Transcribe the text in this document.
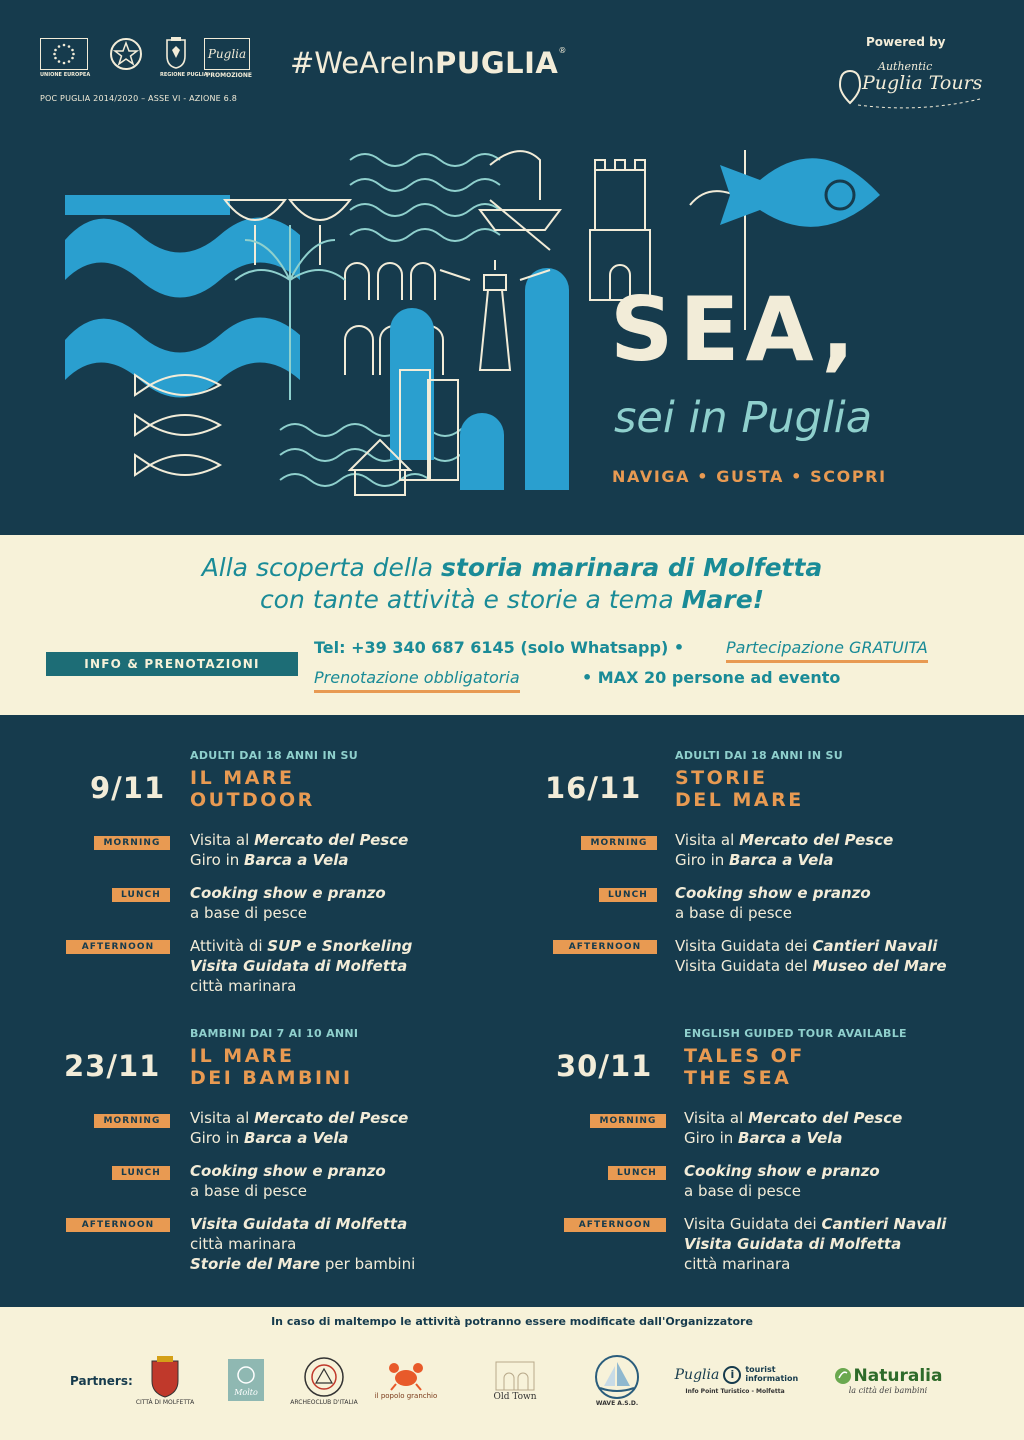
UNIONE EUROPEA	REGIONE PUGLIA
Puglia
PROMOZIONE
POC PUGLIA 2014/2020 – ASSE VI - AZIONE 6.8
#WeAreInPUGLIA®
Powered by
Authentic
Puglia Tours
SEA,
sei in Puglia
NAVIGA • GUSTA • SCOPRI
Alla scoperta della storia marinara di Molfetta
con tante attività e storie a tema Mare!
INFO & PRENOTAZIONI
Tel: +39 340 687 6145 (solo Whatsapp) •	Partecipazione GRATUITA
Prenotazione obbligatoria	• MAX 20 persone ad evento
ADULTI DAI 18 ANNI IN SU
9/11 IL MARE
OUTDOOR
MORNING	Visita al Mercato del Pesce
Giro in Barca a Vela
LUNCH	Cooking show e pranzo
a base di pesce
AFTERNOON	Attività di SUP e Snorkeling
Visita Guidata di Molfetta
città marinara
ADULTI DAI 18 ANNI IN SU
16/11 STORIE
DEL MARE
MORNING	Visita al Mercato del Pesce
Giro in Barca a Vela
LUNCH	Cooking show e pranzo
a base di pesce
AFTERNOON	Visita Guidata dei Cantieri Navali
Visita Guidata del Museo del Mare
BAMBINI DAI 7 AI 10 ANNI
23/11 IL MARE
DEI BAMBINI
MORNING	Visita al Mercato del Pesce
Giro in Barca a Vela
LUNCH	Cooking show e pranzo
a base di pesce
AFTERNOON	Visita Guidata di Molfetta
città marinara
Storie del Mare per bambini
ENGLISH GUIDED TOUR AVAILABLE
30/11 TALES OF
THE SEA
MORNING	Visita al Mercato del Pesce
Giro in Barca a Vela
LUNCH	Cooking show e pranzo
a base di pesce
AFTERNOON	Visita Guidata dei Cantieri Navali
Visita Guidata di Molfetta
città marinara
In caso di maltempo le attività potranno essere modificate dall'Organizzatore
Partners:
CITTÀ DI MOLFETTA
Molto
ARCHEOCLUB D'ITALIA
il popolo granchio	Old Town
WAVE A.S.D.
Puglia	i	tourist information
Info Point Turistico - Molfetta
Naturalia
la città dei bambini
